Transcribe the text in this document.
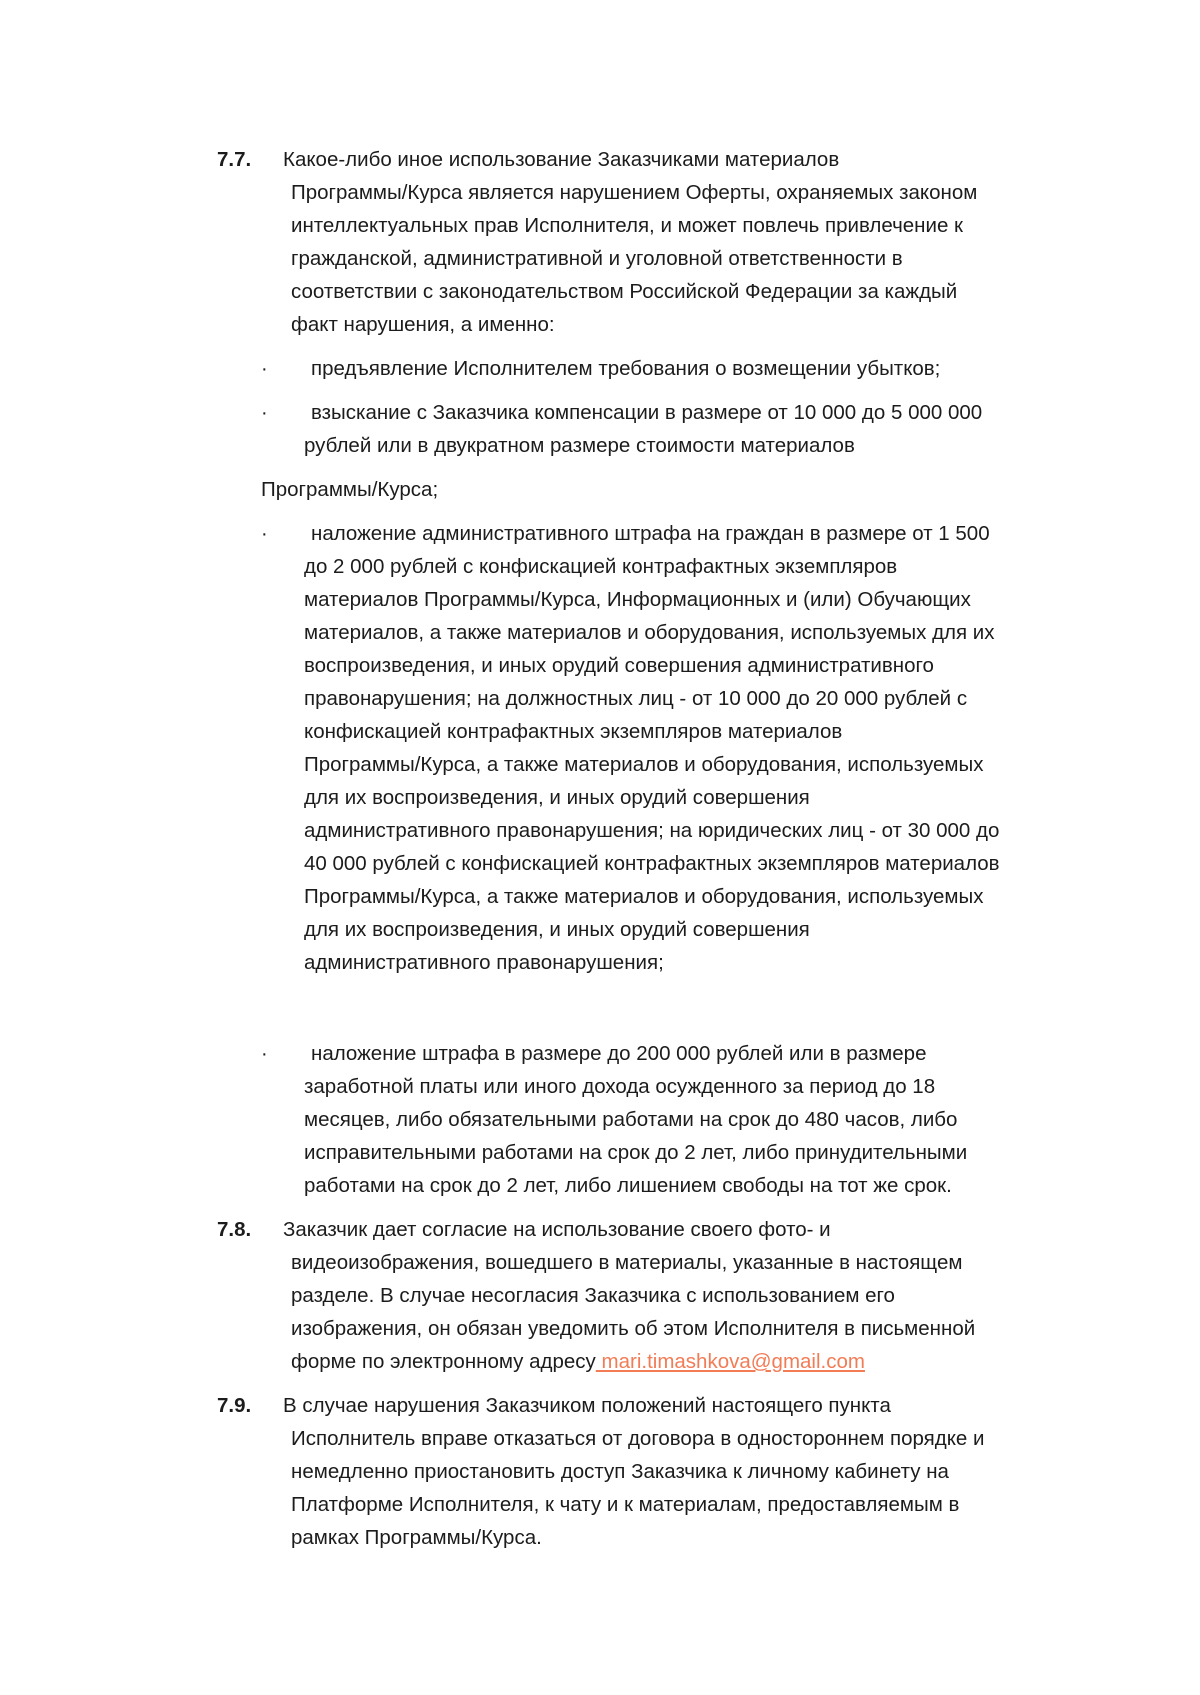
7.7. Какое-либо иное использование Заказчиками материалов
Программы/Курса является нарушением Оферты, охраняемых законом
интеллектуальных прав Исполнителя, и может повлечь привлечение к
гражданской, административной и уголовной ответственности в
соответствии с законодательством Российской Федерации за каждый
факт нарушения, а именно:
· предъявление Исполнителем требования о возмещении убытков;
· взыскание с Заказчика компенсации в размере от 10 000 до 5 000 000
рублей или в двукратном размере стоимости материалов
Программы/Курса;
· наложение административного штрафа на граждан в размере от 1 500
до 2 000 рублей с конфискацией контрафактных экземпляров
материалов Программы/Курса, Информационных и (или) Обучающих
материалов, а также материалов и оборудования, используемых для их
воспроизведения, и иных орудий совершения административного
правонарушения; на должностных лиц - от 10 000 до 20 000 рублей с
конфискацией контрафактных экземпляров материалов
Программы/Курса, а также материалов и оборудования, используемых
для их воспроизведения, и иных орудий совершения
административного правонарушения; на юридических лиц - от 30 000 до
40 000 рублей с конфискацией контрафактных экземпляров материалов
Программы/Курса, а также материалов и оборудования, используемых
для их воспроизведения, и иных орудий совершения
административного правонарушения;
· наложение штрафа в размере до 200 000 рублей или в размере
заработной платы или иного дохода осужденного за период до 18
месяцев, либо обязательными работами на срок до 480 часов, либо
исправительными работами на срок до 2 лет, либо принудительными
работами на срок до 2 лет, либо лишением свободы на тот же срок.
7.8. Заказчик дает согласие на использование своего фото- и
видеоизображения, вошедшего в материалы, указанные в настоящем
разделе. В случае несогласия Заказчика с использованием его
изображения, он обязан уведомить об этом Исполнителя в письменной
форме по электронному адресу mari.timashkova@gmail.com
7.9. В случае нарушения Заказчиком положений настоящего пункта
Исполнитель вправе отказаться от договора в одностороннем порядке и
немедленно приостановить доступ Заказчика к личному кабинету на
Платформе Исполнителя, к чату и к материалам, предоставляемым в
рамках Программы/Курса.
